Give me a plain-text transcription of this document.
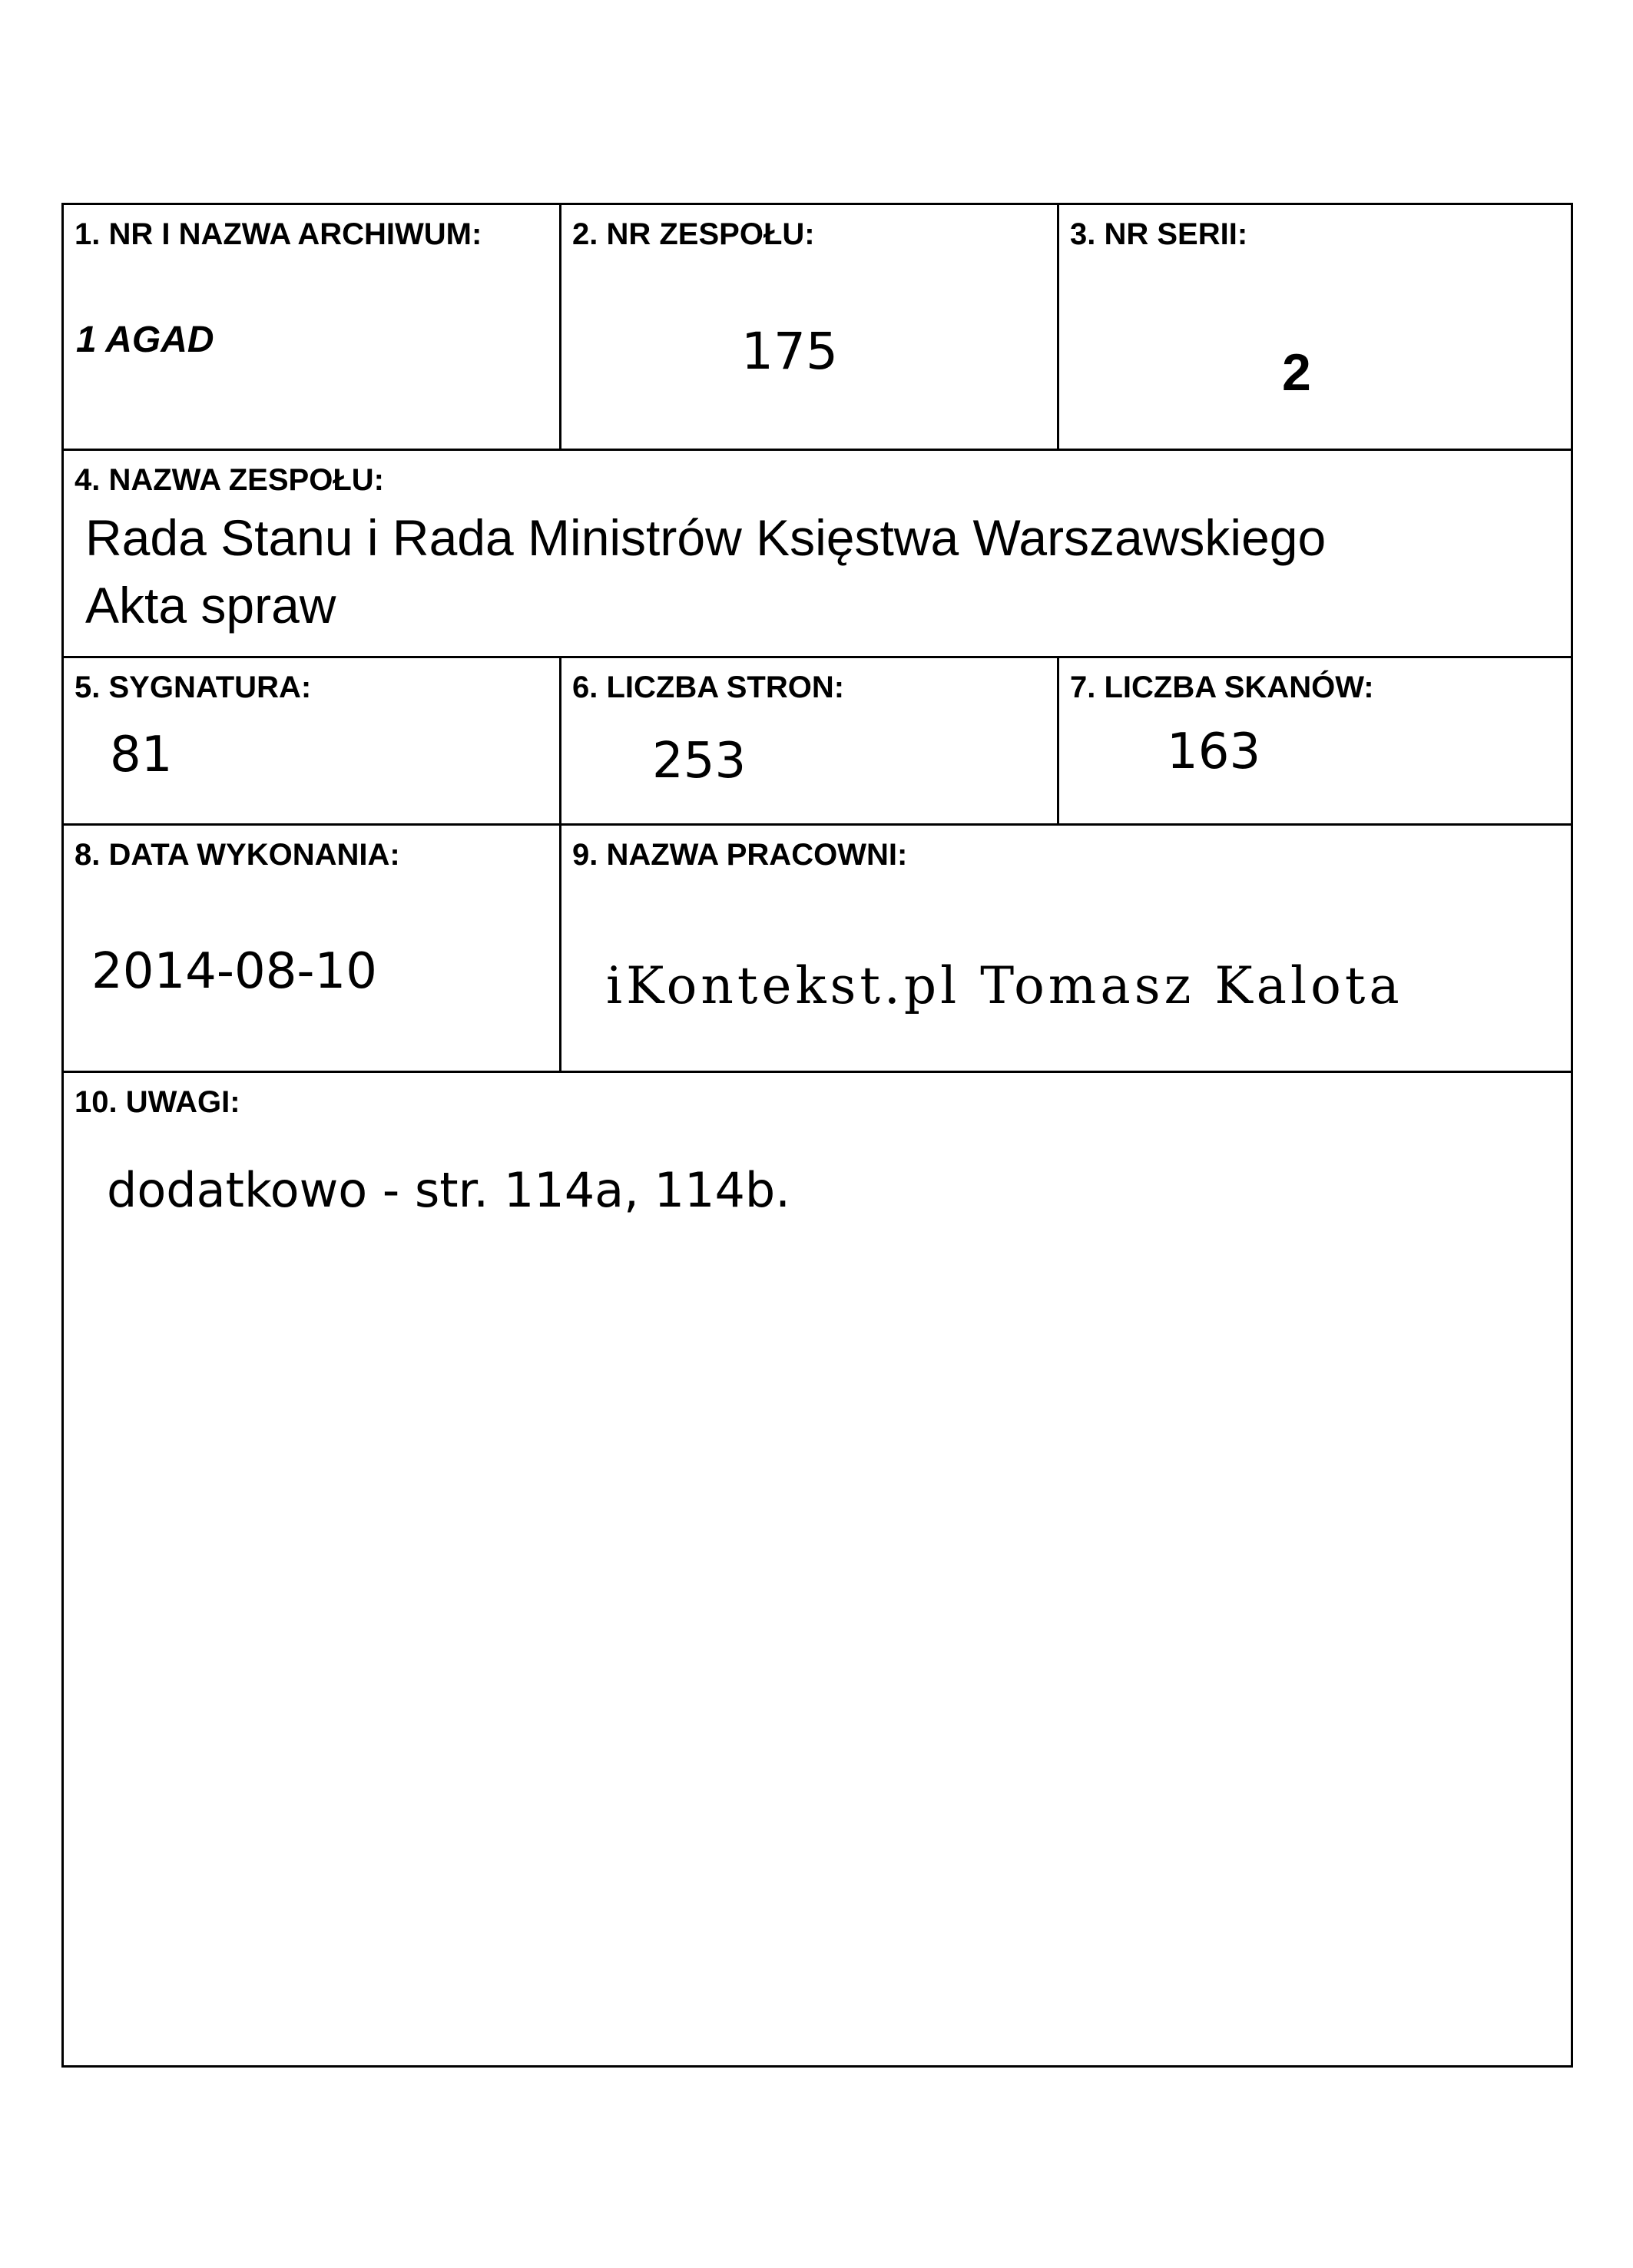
1. NR I NAZWA ARCHIWUM:
1 AGAD
2. NR ZESPOŁU:
175
3. NR SERII:
2
4. NAZWA ZESPOŁU:
Rada Stanu i Rada Ministrów Księstwa Warszawskiego
Akta spraw
5. SYGNATURA:
81
6. LICZBA STRON:
253
7. LICZBA SKANÓW:
163
8. DATA WYKONANIA:
2014-08-10
9. NAZWA PRACOWNI:
iKontekst.pl Tomasz Kalota
10. UWAGI:
dodatkowo - str. 114a, 114b.
